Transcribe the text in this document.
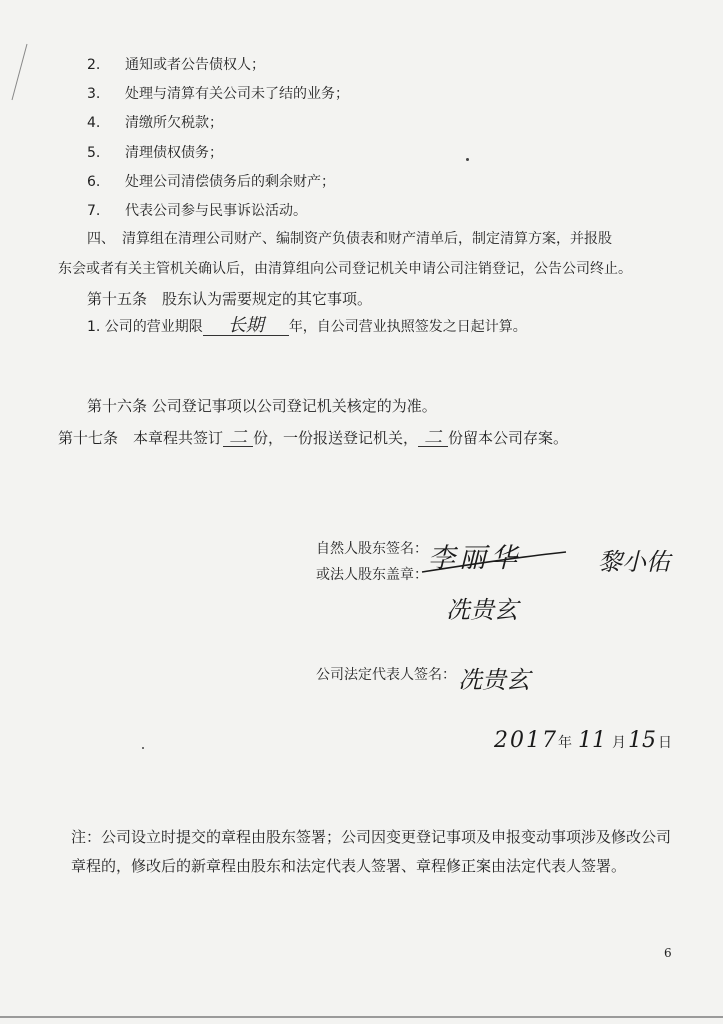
2. 通知或者公告债权人；
3. 处理与清算有关公司未了结的业务；
4. 清缴所欠税款；
5. 清理债权债务；
6. 处理公司清偿债务后的剩余财产；
7. 代表公司参与民事诉讼活动。
四、　清算组在清理公司财产、编制资产负债表和财产清单后，制定清算方案，并报股
东会或者有关主管机关确认后，由清算组向公司登记机关申请公司注销登记，公告公司终止。
第十五条　股东认为需要规定的其它事项。
1. 公司的营业期限 长期 年，自公司营业执照签发之日起计算。
第十六条 公司登记事项以公司登记机关核定的为准。
第十七条　本章程共签订 二 份，一份报送登记机关， 二 份留本公司存案。
自然人股东签名：
或法人股东盖章：
李丽华	黎小佑
冼贵玄
公司法定代表人签名： 冼贵玄
2017年 11 月15 日
注：公司设立时提交的章程由股东签署；公司因变更登记事项及申报变动事项涉及修改公司
章程的，修改后的新章程由股东和法定代表人签署、章程修正案由法定代表人签署。
6
